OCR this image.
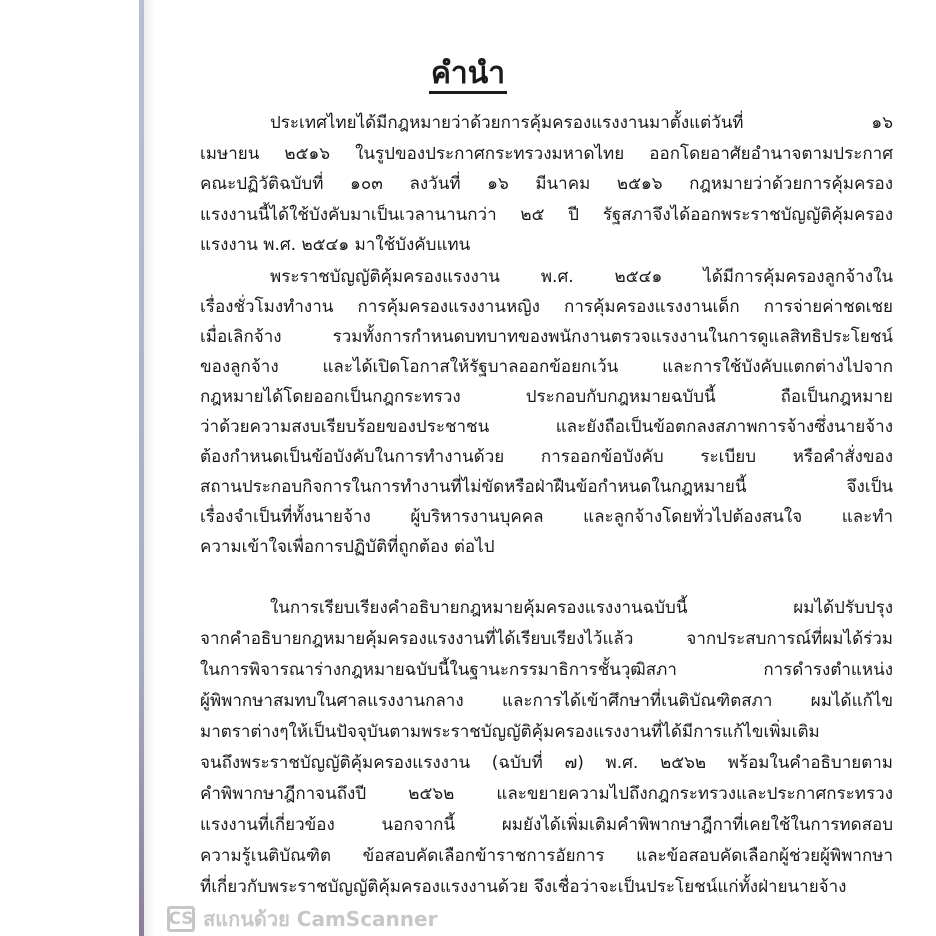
คำนำ
ประเทศไทยได้มีกฎหมายว่าด้วยการคุ้มครองแรงงานมาตั้งแต่วันที่ ๑๖
เมษายน ๒๕๑๖ ในรูปของประกาศกระทรวงมหาดไทย ออกโดยอาศัยอำนาจตามประกาศ
คณะปฏิวัติฉบับที่ ๑๐๓ ลงวันที่ ๑๖ มีนาคม ๒๕๑๖ กฎหมายว่าด้วยการคุ้มครอง
แรงงานนี้ได้ใช้บังคับมาเป็นเวลานานกว่า ๒๕ ปี รัฐสภาจึงได้ออกพระราชบัญญัติคุ้มครอง
แรงงาน พ.ศ. ๒๕๔๑ มาใช้บังคับแทน
พระราชบัญญัติคุ้มครองแรงงาน พ.ศ. ๒๕๔๑ ได้มีการคุ้มครองลูกจ้างใน
เรื่องชั่วโมงทำงาน การคุ้มครองแรงงานหญิง การคุ้มครองแรงงานเด็ก การจ่ายค่าชดเชย
เมื่อเลิกจ้าง รวมทั้งการกำหนดบทบาทของพนักงานตรวจแรงงานในการดูแลสิทธิประโยชน์
ของลูกจ้าง และได้เปิดโอกาสให้รัฐบาลออกข้อยกเว้น และการใช้บังคับแตกต่างไปจาก
กฎหมายได้โดยออกเป็นกฎกระทรวง ประกอบกับกฎหมายฉบับนี้ ถือเป็นกฎหมาย
ว่าด้วยความสงบเรียบร้อยของประชาชน และยังถือเป็นข้อตกลงสภาพการจ้างซึ่งนายจ้าง
ต้องกำหนดเป็นข้อบังคับในการทำงานด้วย การออกข้อบังคับ ระเบียบ หรือคำสั่งของ
สถานประกอบกิจการในการทำงานที่ไม่ขัดหรือฝ่าฝืนข้อกำหนดในกฎหมายนี้ จึงเป็น
เรื่องจำเป็นที่ทั้งนายจ้าง ผู้บริหารงานบุคคล และลูกจ้างโดยทั่วไปต้องสนใจ และทำ
ความเข้าใจเพื่อการปฏิบัติที่ถูกต้อง ต่อไป
ในการเรียบเรียงคำอธิบายกฎหมายคุ้มครองแรงงานฉบับนี้ ผมได้ปรับปรุง
จากคำอธิบายกฎหมายคุ้มครองแรงงานที่ได้เรียบเรียงไว้แล้ว จากประสบการณ์ที่ผมได้ร่วม
ในการพิจารณาร่างกฎหมายฉบับนี้ในฐานะกรรมาธิการชั้นวุฒิสภา การดำรงตำแหน่ง
ผู้พิพากษาสมทบในศาลแรงงานกลาง และการได้เข้าศึกษาที่เนติบัณฑิตสภา ผมได้แก้ไข
มาตราต่างๆให้เป็นปัจจุบันตามพระราชบัญญัติคุ้มครองแรงงานที่ได้มีการแก้ไขเพิ่มเติม
จนถึงพระราชบัญญัติคุ้มครองแรงงาน (ฉบับที่ ๗) พ.ศ. ๒๕๖๒ พร้อมในคำอธิบายตาม
คำพิพากษาฎีกาจนถึงปี ๒๕๖๒ และขยายความไปถึงกฎกระทรวงและประกาศกระทรวง
แรงงานที่เกี่ยวข้อง นอกจากนี้ ผมยังได้เพิ่มเติมคำพิพากษาฎีกาที่เคยใช้ในการทดสอบ
ความรู้เนติบัณฑิต ข้อสอบคัดเลือกข้าราชการอัยการ และข้อสอบคัดเลือกผู้ช่วยผู้พิพากษา
ที่เกี่ยวกับพระราชบัญญัติคุ้มครองแรงงานด้วย จึงเชื่อว่าจะเป็นประโยชน์แก่ทั้งฝ่ายนายจ้าง
CS สแกนด้วย CamScanner
